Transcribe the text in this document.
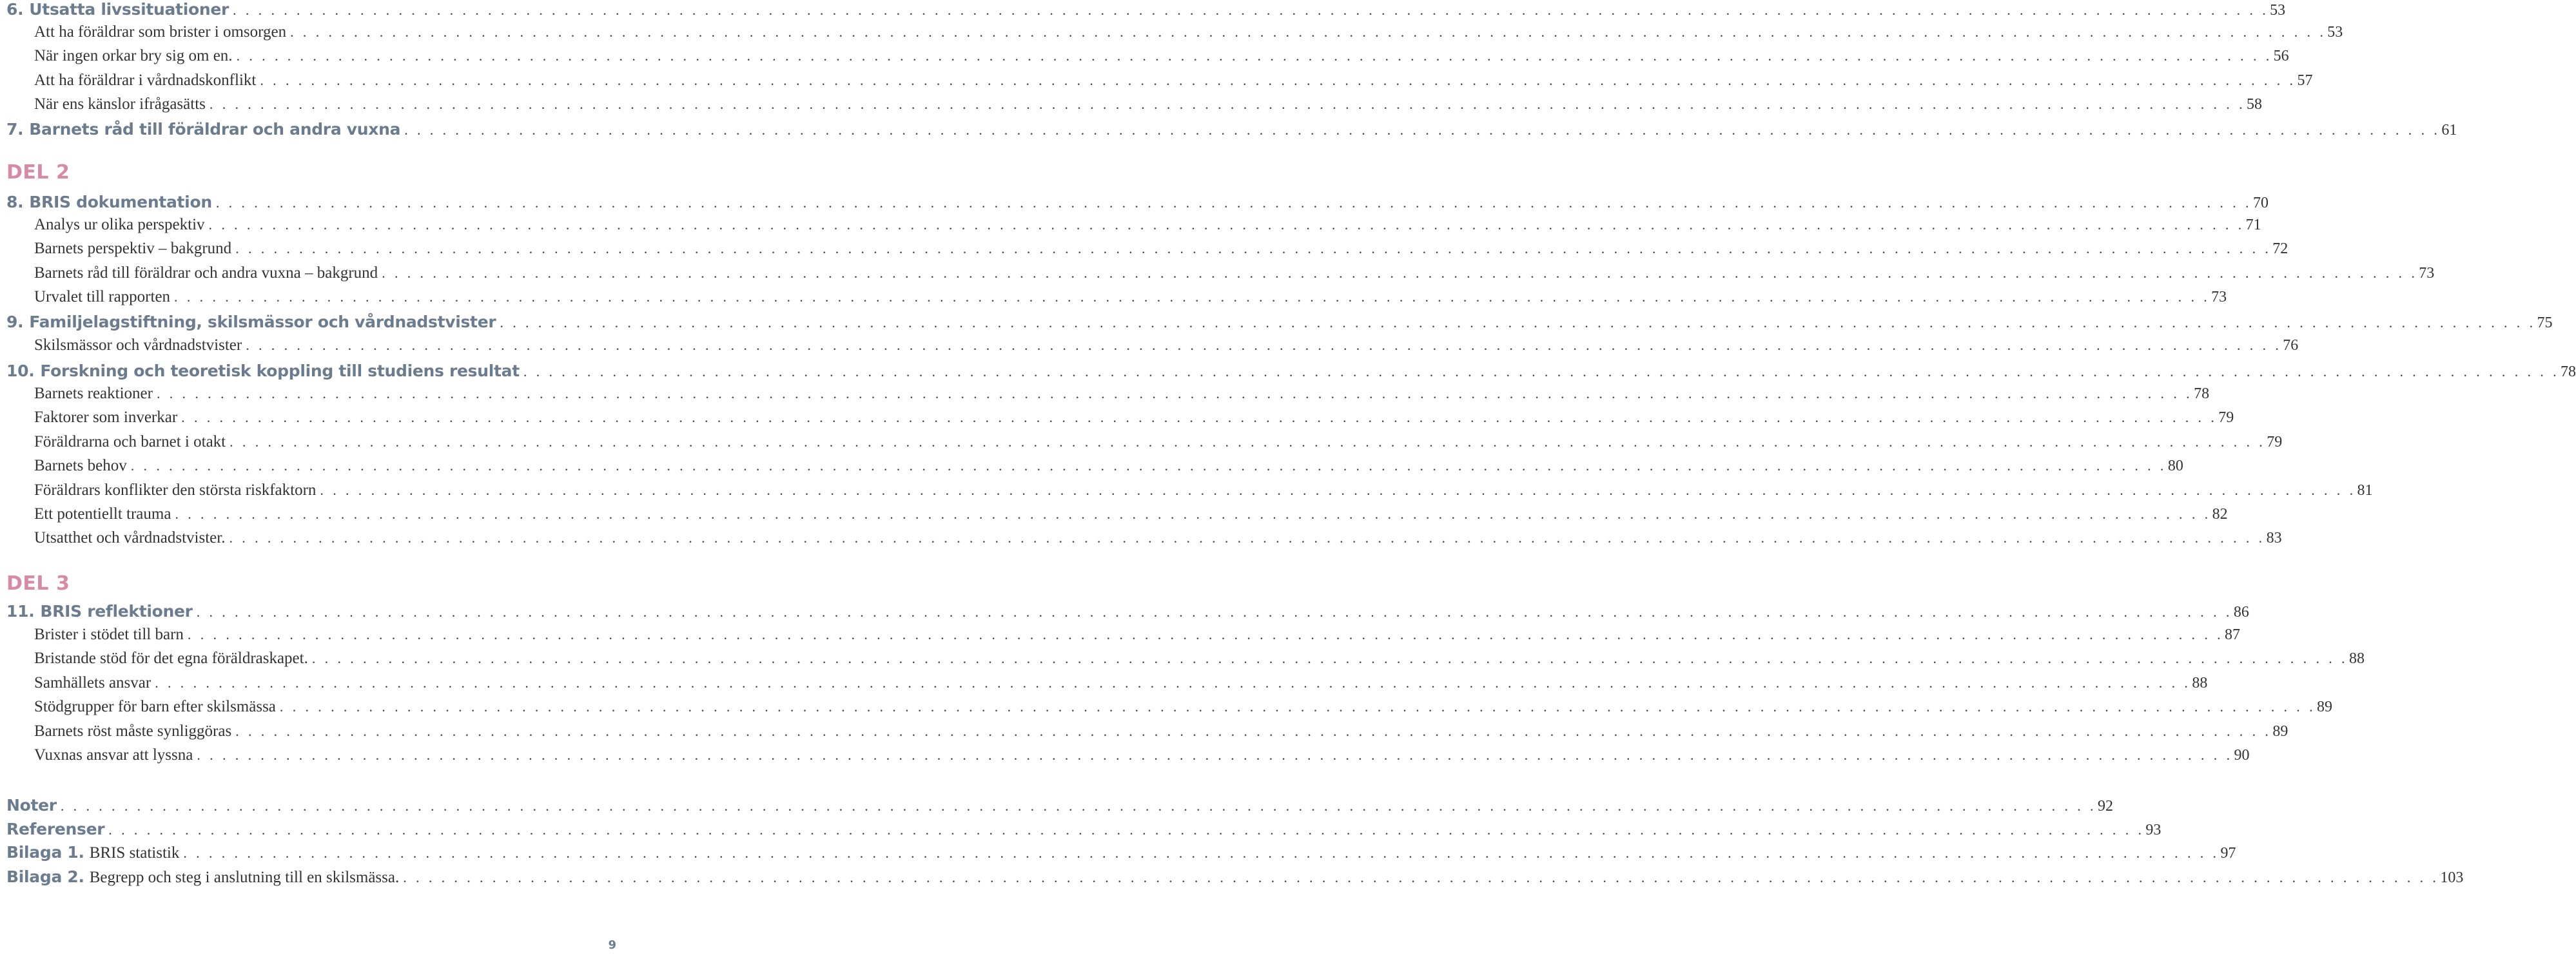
6. Utsatta livssituationer . . . . . . . . . . . . . . . . . . . . . . . . . . . . . . . . . . . . . . . . . . . . . . . . . . . . . . . . . . . . . . . . . . . . . . . . . . . . . . . . . . . . . . . . . . . . . . . . . . . . . . . . . . . . . . . . . . . . . . . . . . . . . . . . . . . . . . . . . . . . . . . . . . . . . . . . . . . . . . . . 53
Att ha föräldrar som brister i omsorgen . . . . . . . . . . . . . . . . . . . . . . . . . . . . . . . . . . . . . . . . . . . . . . . . . . . . . . . . . . . . . . . . . . . . . . . . . . . . . . . . . . . . . . . . . . . . . . . . . . . . . . . . . . . . . . . . . . . . . . . . . . . . . . . . . . . . . . . . . . . . . . . . . . . . . . . . . . . . . . . . 53
När ingen orkar bry sig om en. . . . . . . . . . . . . . . . . . . . . . . . . . . . . . . . . . . . . . . . . . . . . . . . . . . . . . . . . . . . . . . . . . . . . . . . . . . . . . . . . . . . . . . . . . . . . . . . . . . . . . . . . . . . . . . . . . . . . . . . . . . . . . . . . . . . . . . . . . . . . . . . . . . . . . . . . . . . . . . . . 56
Att ha föräldrar i vårdnadskonflikt . . . . . . . . . . . . . . . . . . . . . . . . . . . . . . . . . . . . . . . . . . . . . . . . . . . . . . . . . . . . . . . . . . . . . . . . . . . . . . . . . . . . . . . . . . . . . . . . . . . . . . . . . . . . . . . . . . . . . . . . . . . . . . . . . . . . . . . . . . . . . . . . . . . . . . . . . . . . . . . . 57
När ens känslor ifrågasätts . . . . . . . . . . . . . . . . . . . . . . . . . . . . . . . . . . . . . . . . . . . . . . . . . . . . . . . . . . . . . . . . . . . . . . . . . . . . . . . . . . . . . . . . . . . . . . . . . . . . . . . . . . . . . . . . . . . . . . . . . . . . . . . . . . . . . . . . . . . . . . . . . . . . . . . . . . . . . . . . 58
7. Barnets råd till föräldrar och andra vuxna . . . . . . . . . . . . . . . . . . . . . . . . . . . . . . . . . . . . . . . . . . . . . . . . . . . . . . . . . . . . . . . . . . . . . . . . . . . . . . . . . . . . . . . . . . . . . . . . . . . . . . . . . . . . . . . . . . . . . . . . . . . . . . . . . . . . . . . . . . . . . . . . . . . . . . . . . . . . . . . . 61
DEL 2
8. BRIS dokumentation . . . . . . . . . . . . . . . . . . . . . . . . . . . . . . . . . . . . . . . . . . . . . . . . . . . . . . . . . . . . . . . . . . . . . . . . . . . . . . . . . . . . . . . . . . . . . . . . . . . . . . . . . . . . . . . . . . . . . . . . . . . . . . . . . . . . . . . . . . . . . . . . . . . . . . . . . . . . . . . . 70
Analys ur olika perspektiv . . . . . . . . . . . . . . . . . . . . . . . . . . . . . . . . . . . . . . . . . . . . . . . . . . . . . . . . . . . . . . . . . . . . . . . . . . . . . . . . . . . . . . . . . . . . . . . . . . . . . . . . . . . . . . . . . . . . . . . . . . . . . . . . . . . . . . . . . . . . . . . . . . . . . . . . . . . . . . . . 71
Barnets perspektiv – bakgrund . . . . . . . . . . . . . . . . . . . . . . . . . . . . . . . . . . . . . . . . . . . . . . . . . . . . . . . . . . . . . . . . . . . . . . . . . . . . . . . . . . . . . . . . . . . . . . . . . . . . . . . . . . . . . . . . . . . . . . . . . . . . . . . . . . . . . . . . . . . . . . . . . . . . . . . . . . . . . . . . 72
Barnets råd till föräldrar och andra vuxna – bakgrund . . . . . . . . . . . . . . . . . . . . . . . . . . . . . . . . . . . . . . . . . . . . . . . . . . . . . . . . . . . . . . . . . . . . . . . . . . . . . . . . . . . . . . . . . . . . . . . . . . . . . . . . . . . . . . . . . . . . . . . . . . . . . . . . . . . . . . . . . . . . . . . . . . . . . . . . . . . . . . . . 73
Urvalet till rapporten . . . . . . . . . . . . . . . . . . . . . . . . . . . . . . . . . . . . . . . . . . . . . . . . . . . . . . . . . . . . . . . . . . . . . . . . . . . . . . . . . . . . . . . . . . . . . . . . . . . . . . . . . . . . . . . . . . . . . . . . . . . . . . . . . . . . . . . . . . . . . . . . . . . . . . . . . . . . . . . . 73
9. Familjelagstiftning, skilsmässor och vårdnadstvister . . . . . . . . . . . . . . . . . . . . . . . . . . . . . . . . . . . . . . . . . . . . . . . . . . . . . . . . . . . . . . . . . . . . . . . . . . . . . . . . . . . . . . . . . . . . . . . . . . . . . . . . . . . . . . . . . . . . . . . . . . . . . . . . . . . . . . . . . . . . . . . . . . . . . . . . . . . . . . . . 75
Skilsmässor och vårdnadstvister . . . . . . . . . . . . . . . . . . . . . . . . . . . . . . . . . . . . . . . . . . . . . . . . . . . . . . . . . . . . . . . . . . . . . . . . . . . . . . . . . . . . . . . . . . . . . . . . . . . . . . . . . . . . . . . . . . . . . . . . . . . . . . . . . . . . . . . . . . . . . . . . . . . . . . . . . . . . . . . . 76
10. Forskning och teoretisk koppling till studiens resultat . . . . . . . . . . . . . . . . . . . . . . . . . . . . . . . . . . . . . . . . . . . . . . . . . . . . . . . . . . . . . . . . . . . . . . . . . . . . . . . . . . . . . . . . . . . . . . . . . . . . . . . . . . . . . . . . . . . . . . . . . . . . . . . . . . . . . . . . . . . . . . . . . . . . . . . . . . . . . . . . 78
Barnets reaktioner . . . . . . . . . . . . . . . . . . . . . . . . . . . . . . . . . . . . . . . . . . . . . . . . . . . . . . . . . . . . . . . . . . . . . . . . . . . . . . . . . . . . . . . . . . . . . . . . . . . . . . . . . . . . . . . . . . . . . . . . . . . . . . . . . . . . . . . . . . . . . . . . . . . . . . . . . . . . . . . . 78
Faktorer som inverkar . . . . . . . . . . . . . . . . . . . . . . . . . . . . . . . . . . . . . . . . . . . . . . . . . . . . . . . . . . . . . . . . . . . . . . . . . . . . . . . . . . . . . . . . . . . . . . . . . . . . . . . . . . . . . . . . . . . . . . . . . . . . . . . . . . . . . . . . . . . . . . . . . . . . . . . . . . . . . . . . 79
Föräldrarna och barnet i otakt . . . . . . . . . . . . . . . . . . . . . . . . . . . . . . . . . . . . . . . . . . . . . . . . . . . . . . . . . . . . . . . . . . . . . . . . . . . . . . . . . . . . . . . . . . . . . . . . . . . . . . . . . . . . . . . . . . . . . . . . . . . . . . . . . . . . . . . . . . . . . . . . . . . . . . . . . . . . . . . . 79
Barnets behov . . . . . . . . . . . . . . . . . . . . . . . . . . . . . . . . . . . . . . . . . . . . . . . . . . . . . . . . . . . . . . . . . . . . . . . . . . . . . . . . . . . . . . . . . . . . . . . . . . . . . . . . . . . . . . . . . . . . . . . . . . . . . . . . . . . . . . . . . . . . . . . . . . . . . . . . . . . . . . . . 80
Föräldrars konflikter den största riskfaktorn . . . . . . . . . . . . . . . . . . . . . . . . . . . . . . . . . . . . . . . . . . . . . . . . . . . . . . . . . . . . . . . . . . . . . . . . . . . . . . . . . . . . . . . . . . . . . . . . . . . . . . . . . . . . . . . . . . . . . . . . . . . . . . . . . . . . . . . . . . . . . . . . . . . . . . . . . . . . . . . . 81
Ett potentiellt trauma . . . . . . . . . . . . . . . . . . . . . . . . . . . . . . . . . . . . . . . . . . . . . . . . . . . . . . . . . . . . . . . . . . . . . . . . . . . . . . . . . . . . . . . . . . . . . . . . . . . . . . . . . . . . . . . . . . . . . . . . . . . . . . . . . . . . . . . . . . . . . . . . . . . . . . . . . . . . . . . . 82
Utsatthet och vårdnadstvister. . . . . . . . . . . . . . . . . . . . . . . . . . . . . . . . . . . . . . . . . . . . . . . . . . . . . . . . . . . . . . . . . . . . . . . . . . . . . . . . . . . . . . . . . . . . . . . . . . . . . . . . . . . . . . . . . . . . . . . . . . . . . . . . . . . . . . . . . . . . . . . . . . . . . . . . . . . . . . . . . 83
DEL 3
11. BRIS reflektioner . . . . . . . . . . . . . . . . . . . . . . . . . . . . . . . . . . . . . . . . . . . . . . . . . . . . . . . . . . . . . . . . . . . . . . . . . . . . . . . . . . . . . . . . . . . . . . . . . . . . . . . . . . . . . . . . . . . . . . . . . . . . . . . . . . . . . . . . . . . . . . . . . . . . . . . . . . . . . . . . 86
Brister i stödet till barn . . . . . . . . . . . . . . . . . . . . . . . . . . . . . . . . . . . . . . . . . . . . . . . . . . . . . . . . . . . . . . . . . . . . . . . . . . . . . . . . . . . . . . . . . . . . . . . . . . . . . . . . . . . . . . . . . . . . . . . . . . . . . . . . . . . . . . . . . . . . . . . . . . . . . . . . . . . . . . . . 87
Bristande stöd för det egna föräldraskapet. . . . . . . . . . . . . . . . . . . . . . . . . . . . . . . . . . . . . . . . . . . . . . . . . . . . . . . . . . . . . . . . . . . . . . . . . . . . . . . . . . . . . . . . . . . . . . . . . . . . . . . . . . . . . . . . . . . . . . . . . . . . . . . . . . . . . . . . . . . . . . . . . . . . . . . . . . . . . . . . . 88
Samhällets ansvar . . . . . . . . . . . . . . . . . . . . . . . . . . . . . . . . . . . . . . . . . . . . . . . . . . . . . . . . . . . . . . . . . . . . . . . . . . . . . . . . . . . . . . . . . . . . . . . . . . . . . . . . . . . . . . . . . . . . . . . . . . . . . . . . . . . . . . . . . . . . . . . . . . . . . . . . . . . . . . . . 88
Stödgrupper för barn efter skilsmässa . . . . . . . . . . . . . . . . . . . . . . . . . . . . . . . . . . . . . . . . . . . . . . . . . . . . . . . . . . . . . . . . . . . . . . . . . . . . . . . . . . . . . . . . . . . . . . . . . . . . . . . . . . . . . . . . . . . . . . . . . . . . . . . . . . . . . . . . . . . . . . . . . . . . . . . . . . . . . . . . 89
Barnets röst måste synliggöras . . . . . . . . . . . . . . . . . . . . . . . . . . . . . . . . . . . . . . . . . . . . . . . . . . . . . . . . . . . . . . . . . . . . . . . . . . . . . . . . . . . . . . . . . . . . . . . . . . . . . . . . . . . . . . . . . . . . . . . . . . . . . . . . . . . . . . . . . . . . . . . . . . . . . . . . . . . . . . . . 89
Vuxnas ansvar att lyssna . . . . . . . . . . . . . . . . . . . . . . . . . . . . . . . . . . . . . . . . . . . . . . . . . . . . . . . . . . . . . . . . . . . . . . . . . . . . . . . . . . . . . . . . . . . . . . . . . . . . . . . . . . . . . . . . . . . . . . . . . . . . . . . . . . . . . . . . . . . . . . . . . . . . . . . . . . . . . . . . 90
Noter . . . . . . . . . . . . . . . . . . . . . . . . . . . . . . . . . . . . . . . . . . . . . . . . . . . . . . . . . . . . . . . . . . . . . . . . . . . . . . . . . . . . . . . . . . . . . . . . . . . . . . . . . . . . . . . . . . . . . . . . . . . . . . . . . . . . . . . . . . . . . . . . . . . . . . . . . . . . . . . . 92
Referenser . . . . . . . . . . . . . . . . . . . . . . . . . . . . . . . . . . . . . . . . . . . . . . . . . . . . . . . . . . . . . . . . . . . . . . . . . . . . . . . . . . . . . . . . . . . . . . . . . . . . . . . . . . . . . . . . . . . . . . . . . . . . . . . . . . . . . . . . . . . . . . . . . . . . . . . . . . . . . . . . 93
Bilaga 1. BRIS statistik . . . . . . . . . . . . . . . . . . . . . . . . . . . . . . . . . . . . . . . . . . . . . . . . . . . . . . . . . . . . . . . . . . . . . . . . . . . . . . . . . . . . . . . . . . . . . . . . . . . . . . . . . . . . . . . . . . . . . . . . . . . . . . . . . . . . . . . . . . . . . . . . . . . . . . . . . . . . . . . . 97
Bilaga 2. Begrepp och steg i anslutning till en skilsmässa. . . . . . . . . . . . . . . . . . . . . . . . . . . . . . . . . . . . . . . . . . . . . . . . . . . . . . . . . . . . . . . . . . . . . . . . . . . . . . . . . . . . . . . . . . . . . . . . . . . . . . . . . . . . . . . . . . . . . . . . . . . . . . . . . . . . . . . . . . . . . . . . . . . . . . . . . . . . . . . . . 103
9
